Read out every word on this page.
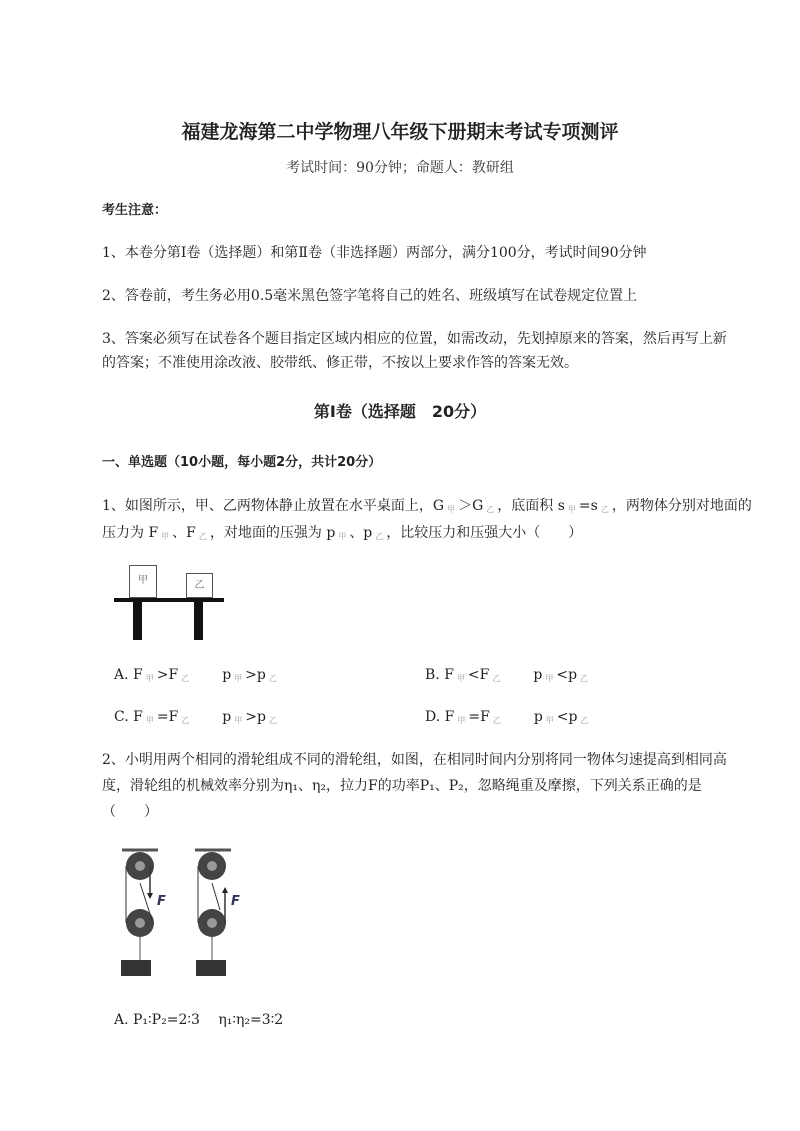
福建龙海第二中学物理八年级下册期末考试专项测评
考试时间：90分钟；命题人：教研组
考生注意：
1、本卷分第Ⅰ卷（选择题）和第Ⅱ卷（非选择题）两部分，满分100分，考试时间90分钟
2、答卷前，考生务必用0.5毫米黑色签字笔将自己的姓名、班级填写在试卷规定位置上
3、答案必须写在试卷各个题目指定区域内相应的位置，如需改动，先划掉原来的答案，然后再写上新
的答案；不准使用涂改液、胶带纸、修正带，不按以上要求作答的答案无效。
第Ⅰ卷（选择题　20分）
一、单选题（10小题，每小题2分，共计20分）
1、如图所示，甲、乙两物体静止放置在水平桌面上，G $_甲$ ＞G $_乙$ ，底面积 s $_甲$ =s $_乙$ ，两物体分别对地面的
压力为 F $_甲$ 、F $_乙$ ，对地面的压强为 p $_甲$ 、p $_乙$ ，比较压力和压强大小（　　）
甲	乙
A. F $_甲$ >F $_乙$ p $_甲$ >p $_乙$	B. F $_甲$ <F $_乙$ p $_甲$ <p $_乙$
C. F $_甲$ =F $_乙$ p $_甲$ >p $_乙$	D. F $_甲$ =F $_乙$ p $_甲$ <p $_乙$
2、小明用两个相同的滑轮组成不同的滑轮组，如图，在相同时间内分别将同一物体匀速提高到相同高
度，滑轮组的机械效率分别为η₁、η₂，拉力F的功率P₁、P₂，忽略绳重及摩擦，下列关系正确的是
（　　）
F	F
A. P₁∶P₂=2∶3　 η₁∶η₂=3∶2
